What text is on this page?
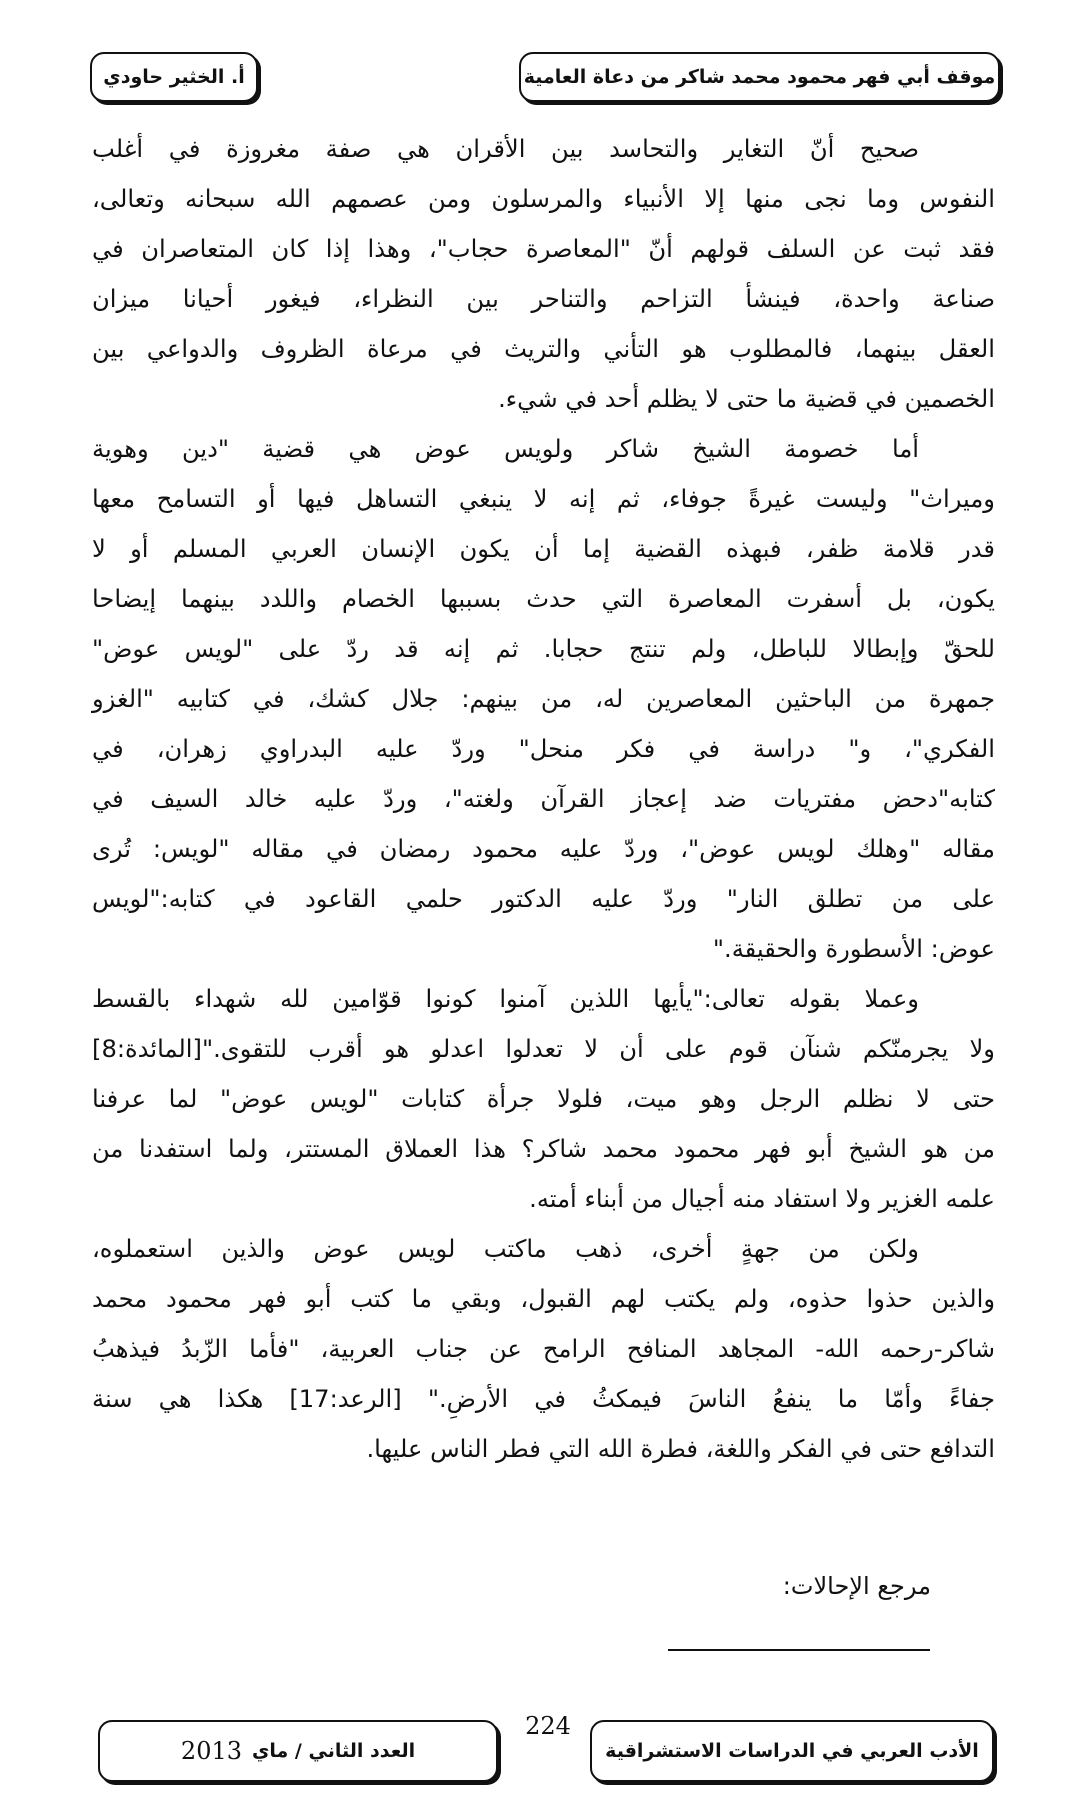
موقف أبي فهر محمود محمد شاكر من دعاة العامية
أ. الخثير حاودي
صحيح أنّ التغاير والتحاسد بين الأقران هي صفة مغروزة في أغلب
النفوس وما نجى منها إلا الأنبياء والمرسلون ومن عصمهم الله سبحانه وتعالى،
فقد ثبت عن السلف قولهم أنّ "المعاصرة حجاب"، وهذا إذا كان المتعاصران في
صناعة واحدة، فينشأ التزاحم والتناحر بين النظراء، فيغور أحيانا ميزان
العقل بينهما، فالمطلوب هو التأني والتريث في مرعاة الظروف والدواعي بين
الخصمين في قضية ما حتى لا يظلم أحد في شيء.
أما خصومة الشيخ شاكر ولويس عوض هي قضية "دين وهوية
وميراث" وليست غيرةً جوفاء، ثم إنه لا ينبغي التساهل فيها أو التسامح معها
قدر قلامة ظفر، فبهذه القضية إما أن يكون الإنسان العربي المسلم أو لا
يكون، بل أسفرت المعاصرة التي حدث بسببها الخصام واللدد بينهما إيضاحا
للحقّ وإبطالا للباطل، ولم تنتج حجابا. ثم إنه قد ردّ على "لويس عوض"
جمهرة من الباحثين المعاصرين له، من بينهم: جلال كشك، في كتابيه "الغزو
الفكري"، و" دراسة في فكر منحل" وردّ عليه البدراوي زهران، في
كتابه"دحض مفتريات ضد إعجاز القرآن ولغته"، وردّ عليه خالد السيف في
مقاله "وهلك لويس عوض"، وردّ عليه محمود رمضان في مقاله "لويس: تُرى
على من تطلق النار" وردّ عليه الدكتور حلمي القاعود في كتابه:"لويس
عوض: الأسطورة والحقيقة."
وعملا بقوله تعالى:"يأيها اللذين آمنوا كونوا قوّامين لله شهداء بالقسط
ولا يجرمنّكم شنآن قوم على أن لا تعدلوا اعدلو هو أقرب للتقوى."[المائدة:8]
حتى لا نظلم الرجل وهو ميت، فلولا جرأة كتابات "لويس عوض" لما عرفنا
من هو الشيخ أبو فهر محمود محمد شاكر؟ هذا العملاق المستتر، ولما استفدنا من
علمه الغزير ولا استفاد منه أجيال من أبناء أمته.
ولكن من جهةٍ أخرى، ذهب ماكتب لويس عوض والذين استعملوه،
والذين حذوا حذوه، ولم يكتب لهم القبول، وبقي ما كتب أبو فهر محمود محمد
شاكر-رحمه الله- المجاهد المنافح الرامح عن جناب العربية، "فأما الزّبدُ فيذهبُ
جفاءً وأمّا ما ينفعُ الناسَ فيمكثُ في الأرضِ." [الرعد:17] هكذا هي سنة
التدافع حتى في الفكر واللغة، فطرة الله التي فطر الناس عليها.
مرجع الإحالات:
الأدب العربي في الدراسات الاستشراقية
224
العدد الثاني / ماي
2013
